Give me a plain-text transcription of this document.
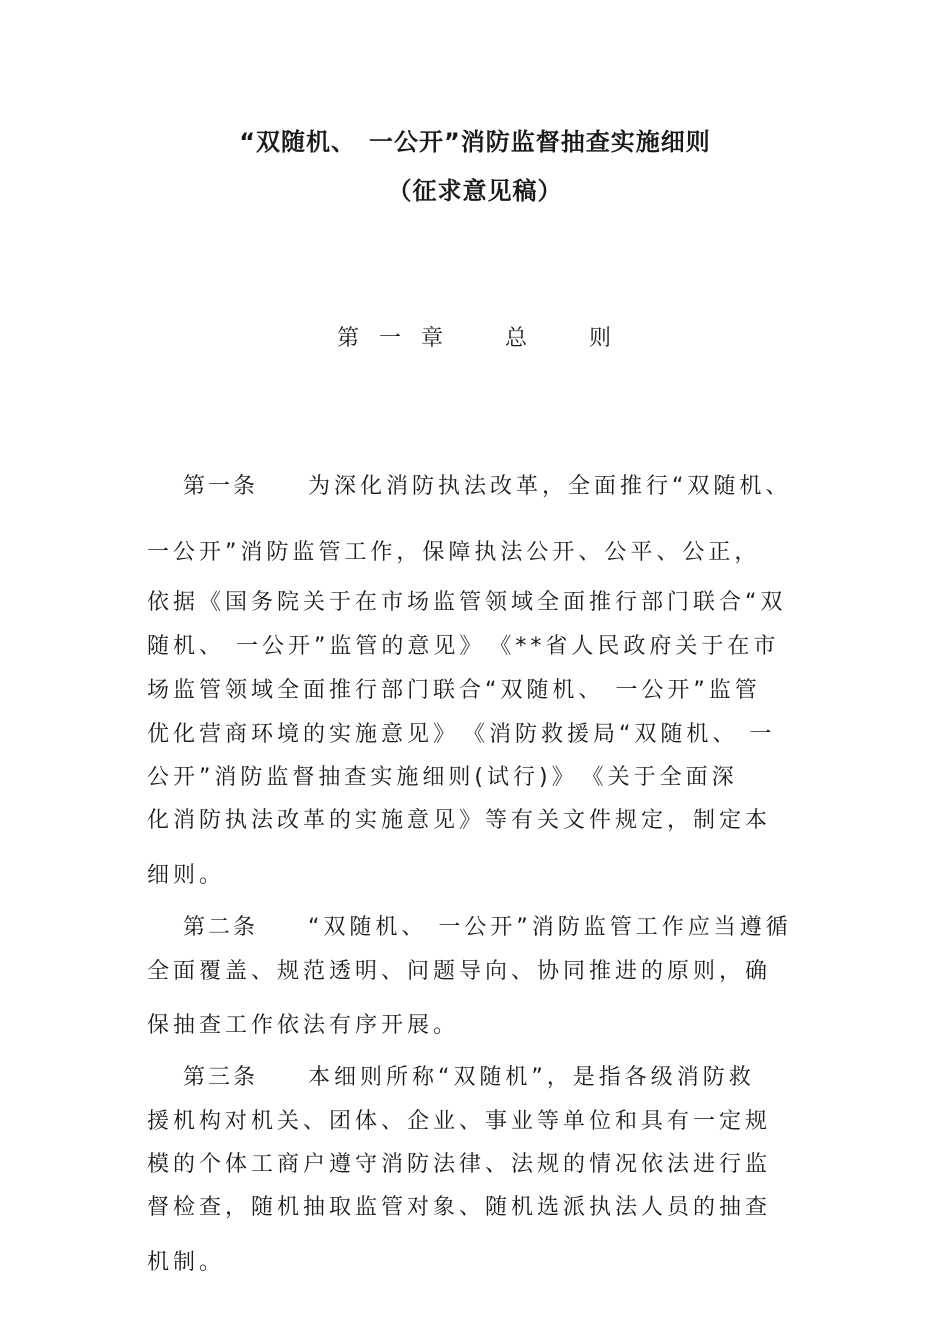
“双随机、　一公开”消防监督抽查实施细则
（征求意见稿）
第 一 章	总	则
第一条 为深化消防执法改革，全面推行“双随机、
一公开”消防监管工作，保障执法公开、公平、公正，
依据《国务院关于在市场监管领域全面推行部门联合“双
随机、 一公开”监管的意见》　《**省人民政府关于在市
场监管领域全面推行部门联合“双随机、 一公开”监管
优化营商环境的实施意见》　《消防救援局“双随机、 一
公开”消防监督抽查实施细则(试行)》　《关于全面深
化消防执法改革的实施意见》等有关文件规定，制定本
细则。
第二条 “双随机、 一公开”消防监管工作应当遵循
全面覆盖、规范透明、问题导向、协同推进的原则，确
保抽查工作依法有序开展。
第三条 本细则所称“双随机”，是指各级消防救
援机构对机关、团体、企业、事业等单位和具有一定规
模的个体工商户遵守消防法律、法规的情况依法进行监
督检查，随机抽取监管对象、随机选派执法人员的抽查
机制。
